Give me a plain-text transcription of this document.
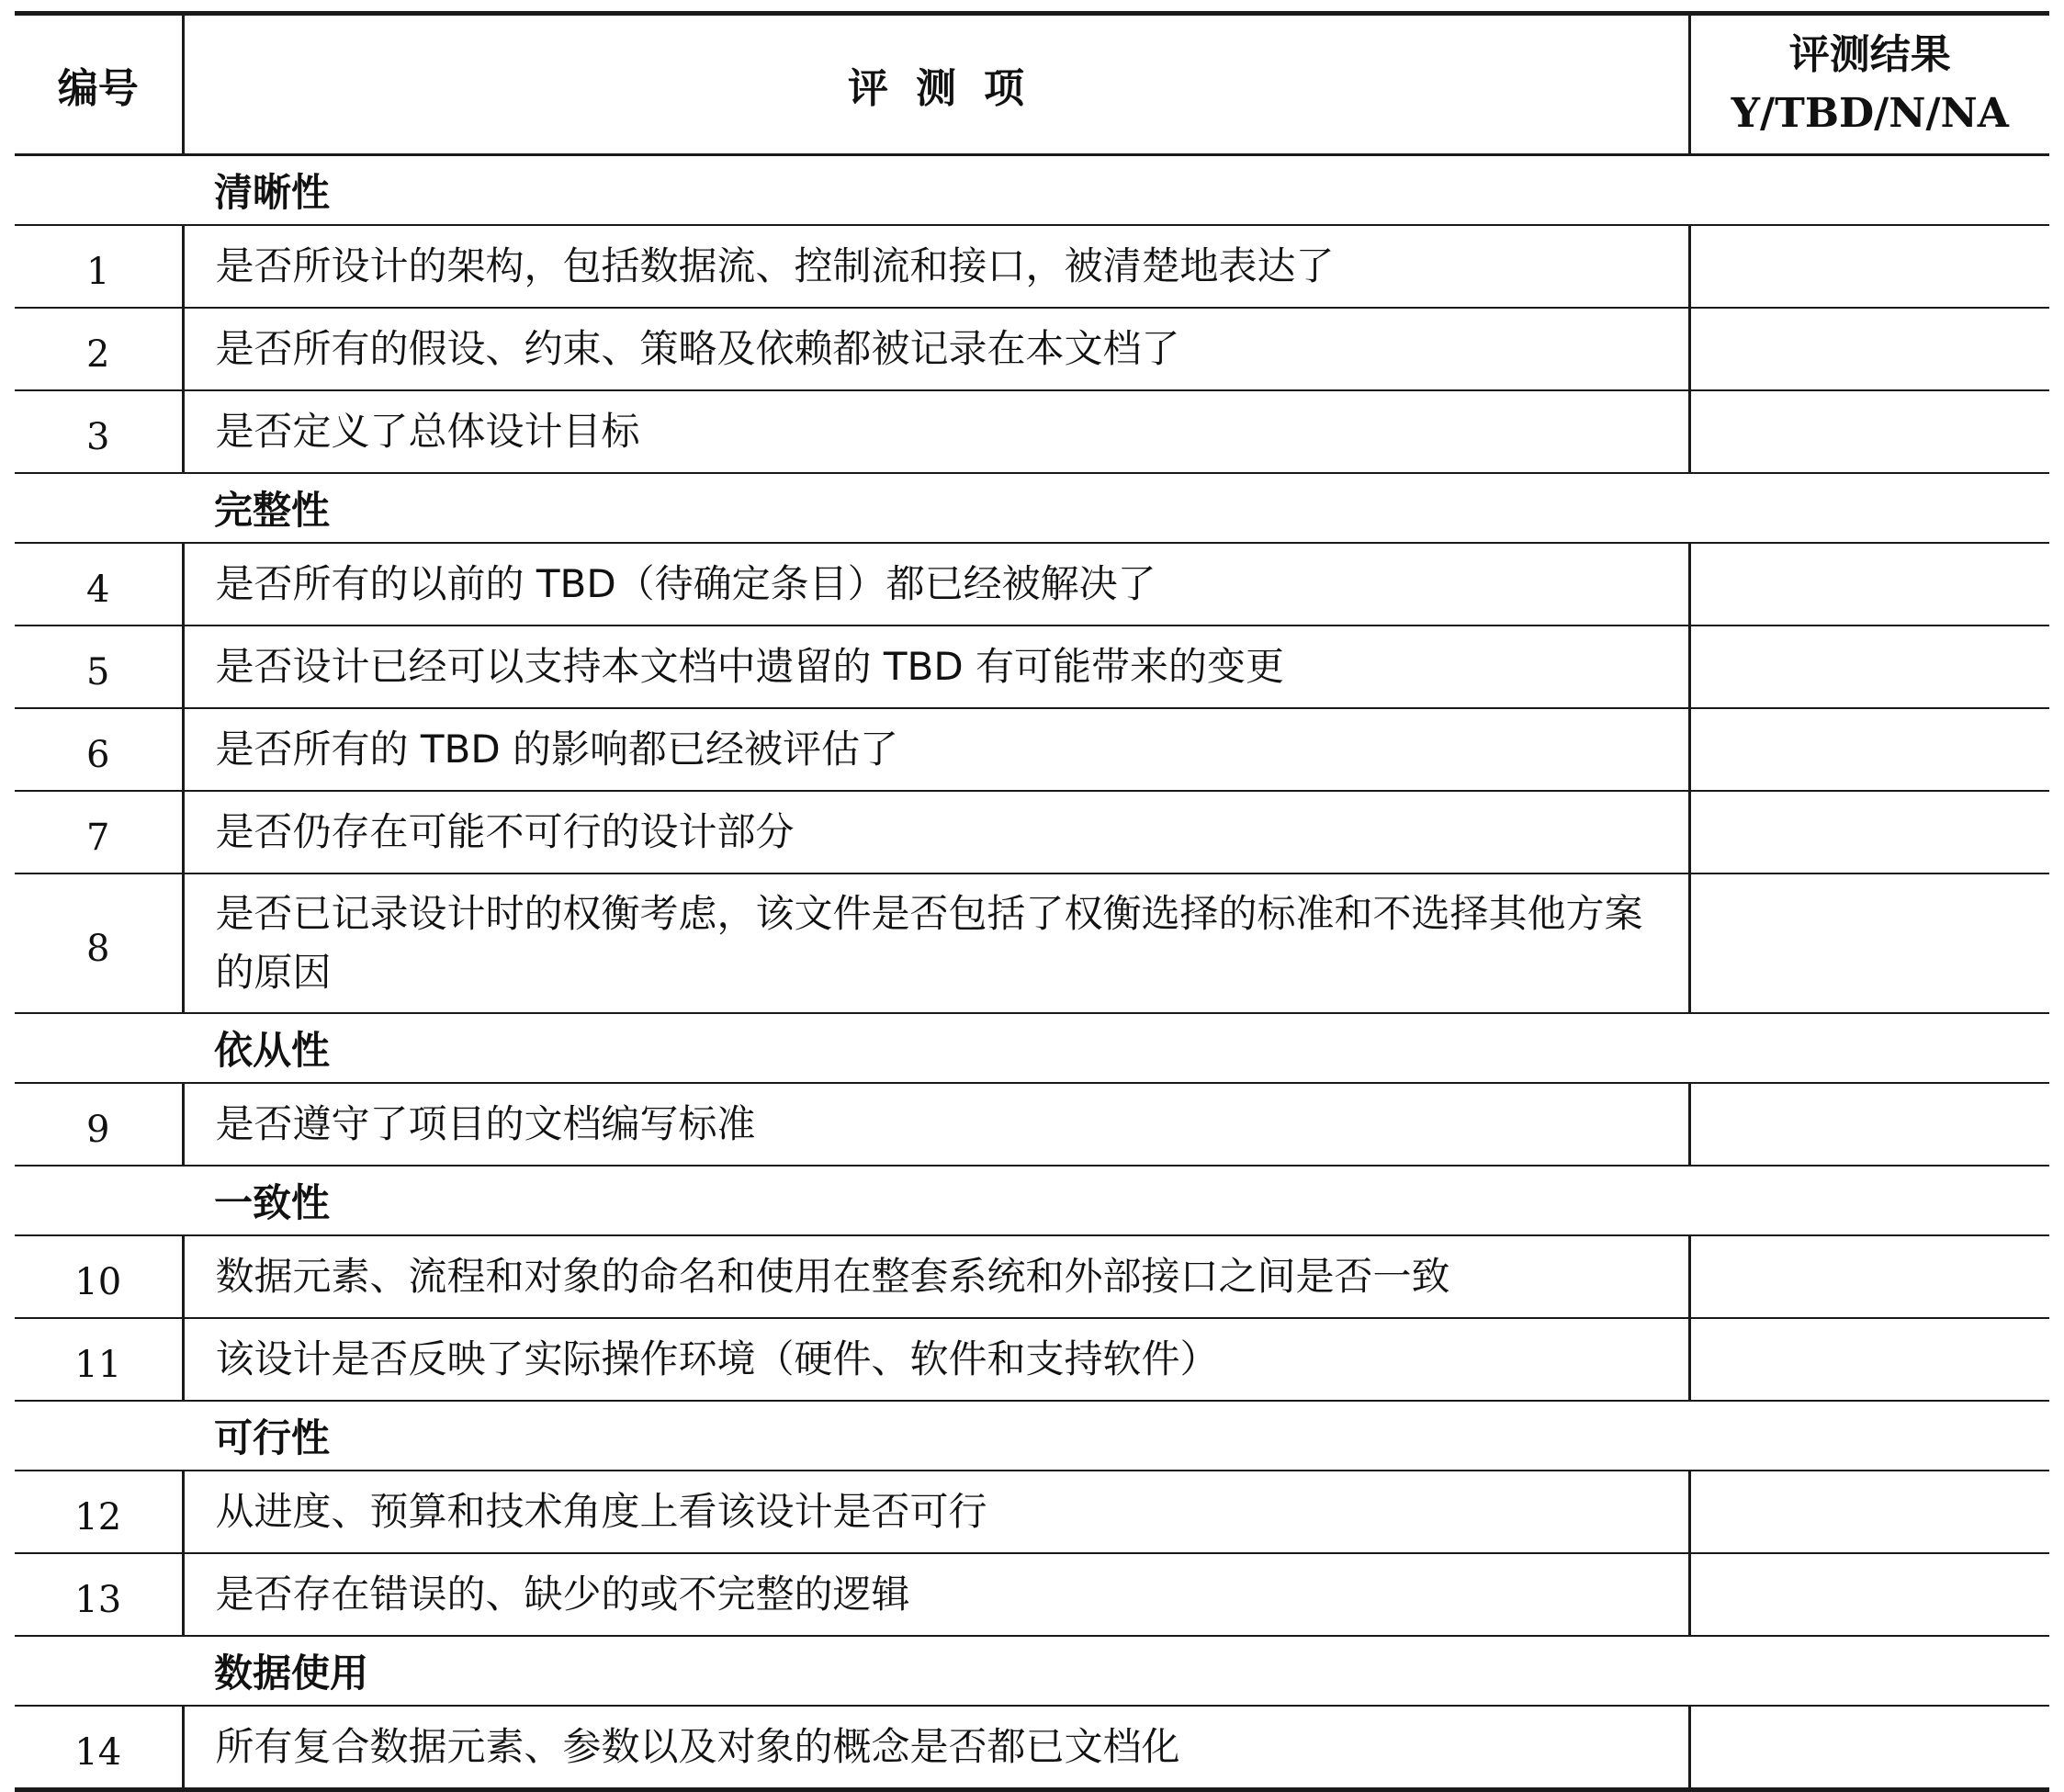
编号	评测项	评测结果
Y/TBD/N/NA

	清晰性	
1	是否所设计的架构，包括数据流、控制流和接口，被清楚地表达了	
2	是否所有的假设、约束、策略及依赖都被记录在本文档了	
3	是否定义了总体设计目标	
	完整性	
4	是否所有的以前的 TBD（待确定条目）都已经被解决了	
5	是否设计已经可以支持本文档中遗留的 TBD 有可能带来的变更	
6	是否所有的 TBD 的影响都已经被评估了	
7	是否仍存在可能不可行的设计部分	
8	是否已记录设计时的权衡考虑，该文件是否包括了权衡选择的标准和不选择其他方案的原因	
	依从性	
9	是否遵守了项目的文档编写标准	
	一致性	
10	数据元素、流程和对象的命名和使用在整套系统和外部接口之间是否一致	
11	该设计是否反映了实际操作环境（硬件、软件和支持软件）	
	可行性	
12	从进度、预算和技术角度上看该设计是否可行	
13	是否存在错误的、缺少的或不完整的逻辑	
	数据使用	
14	所有复合数据元素、参数以及对象的概念是否都已文档化	
